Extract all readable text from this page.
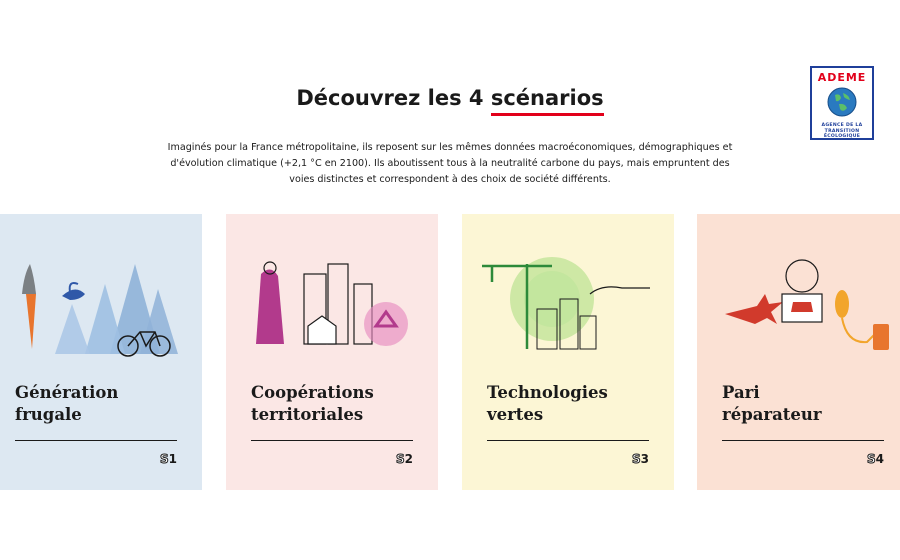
ADEME
AGENCE DE LA TRANSITION ÉCOLOGIQUE
Découvrez les 4 scénarios
Imaginés pour la France métropolitaine, ils reposent sur les mêmes données macroéconomiques, démographiques et d'évolution climatique (+2,1 °C en 2100). Ils aboutissent tous à la neutralité carbone du pays, mais empruntent des voies distinctes et correspondent à des choix de société différents.
Génération
frugale
S1
Coopérations
territoriales
S2
Technologies
vertes
S3
Pari
réparateur
S4
